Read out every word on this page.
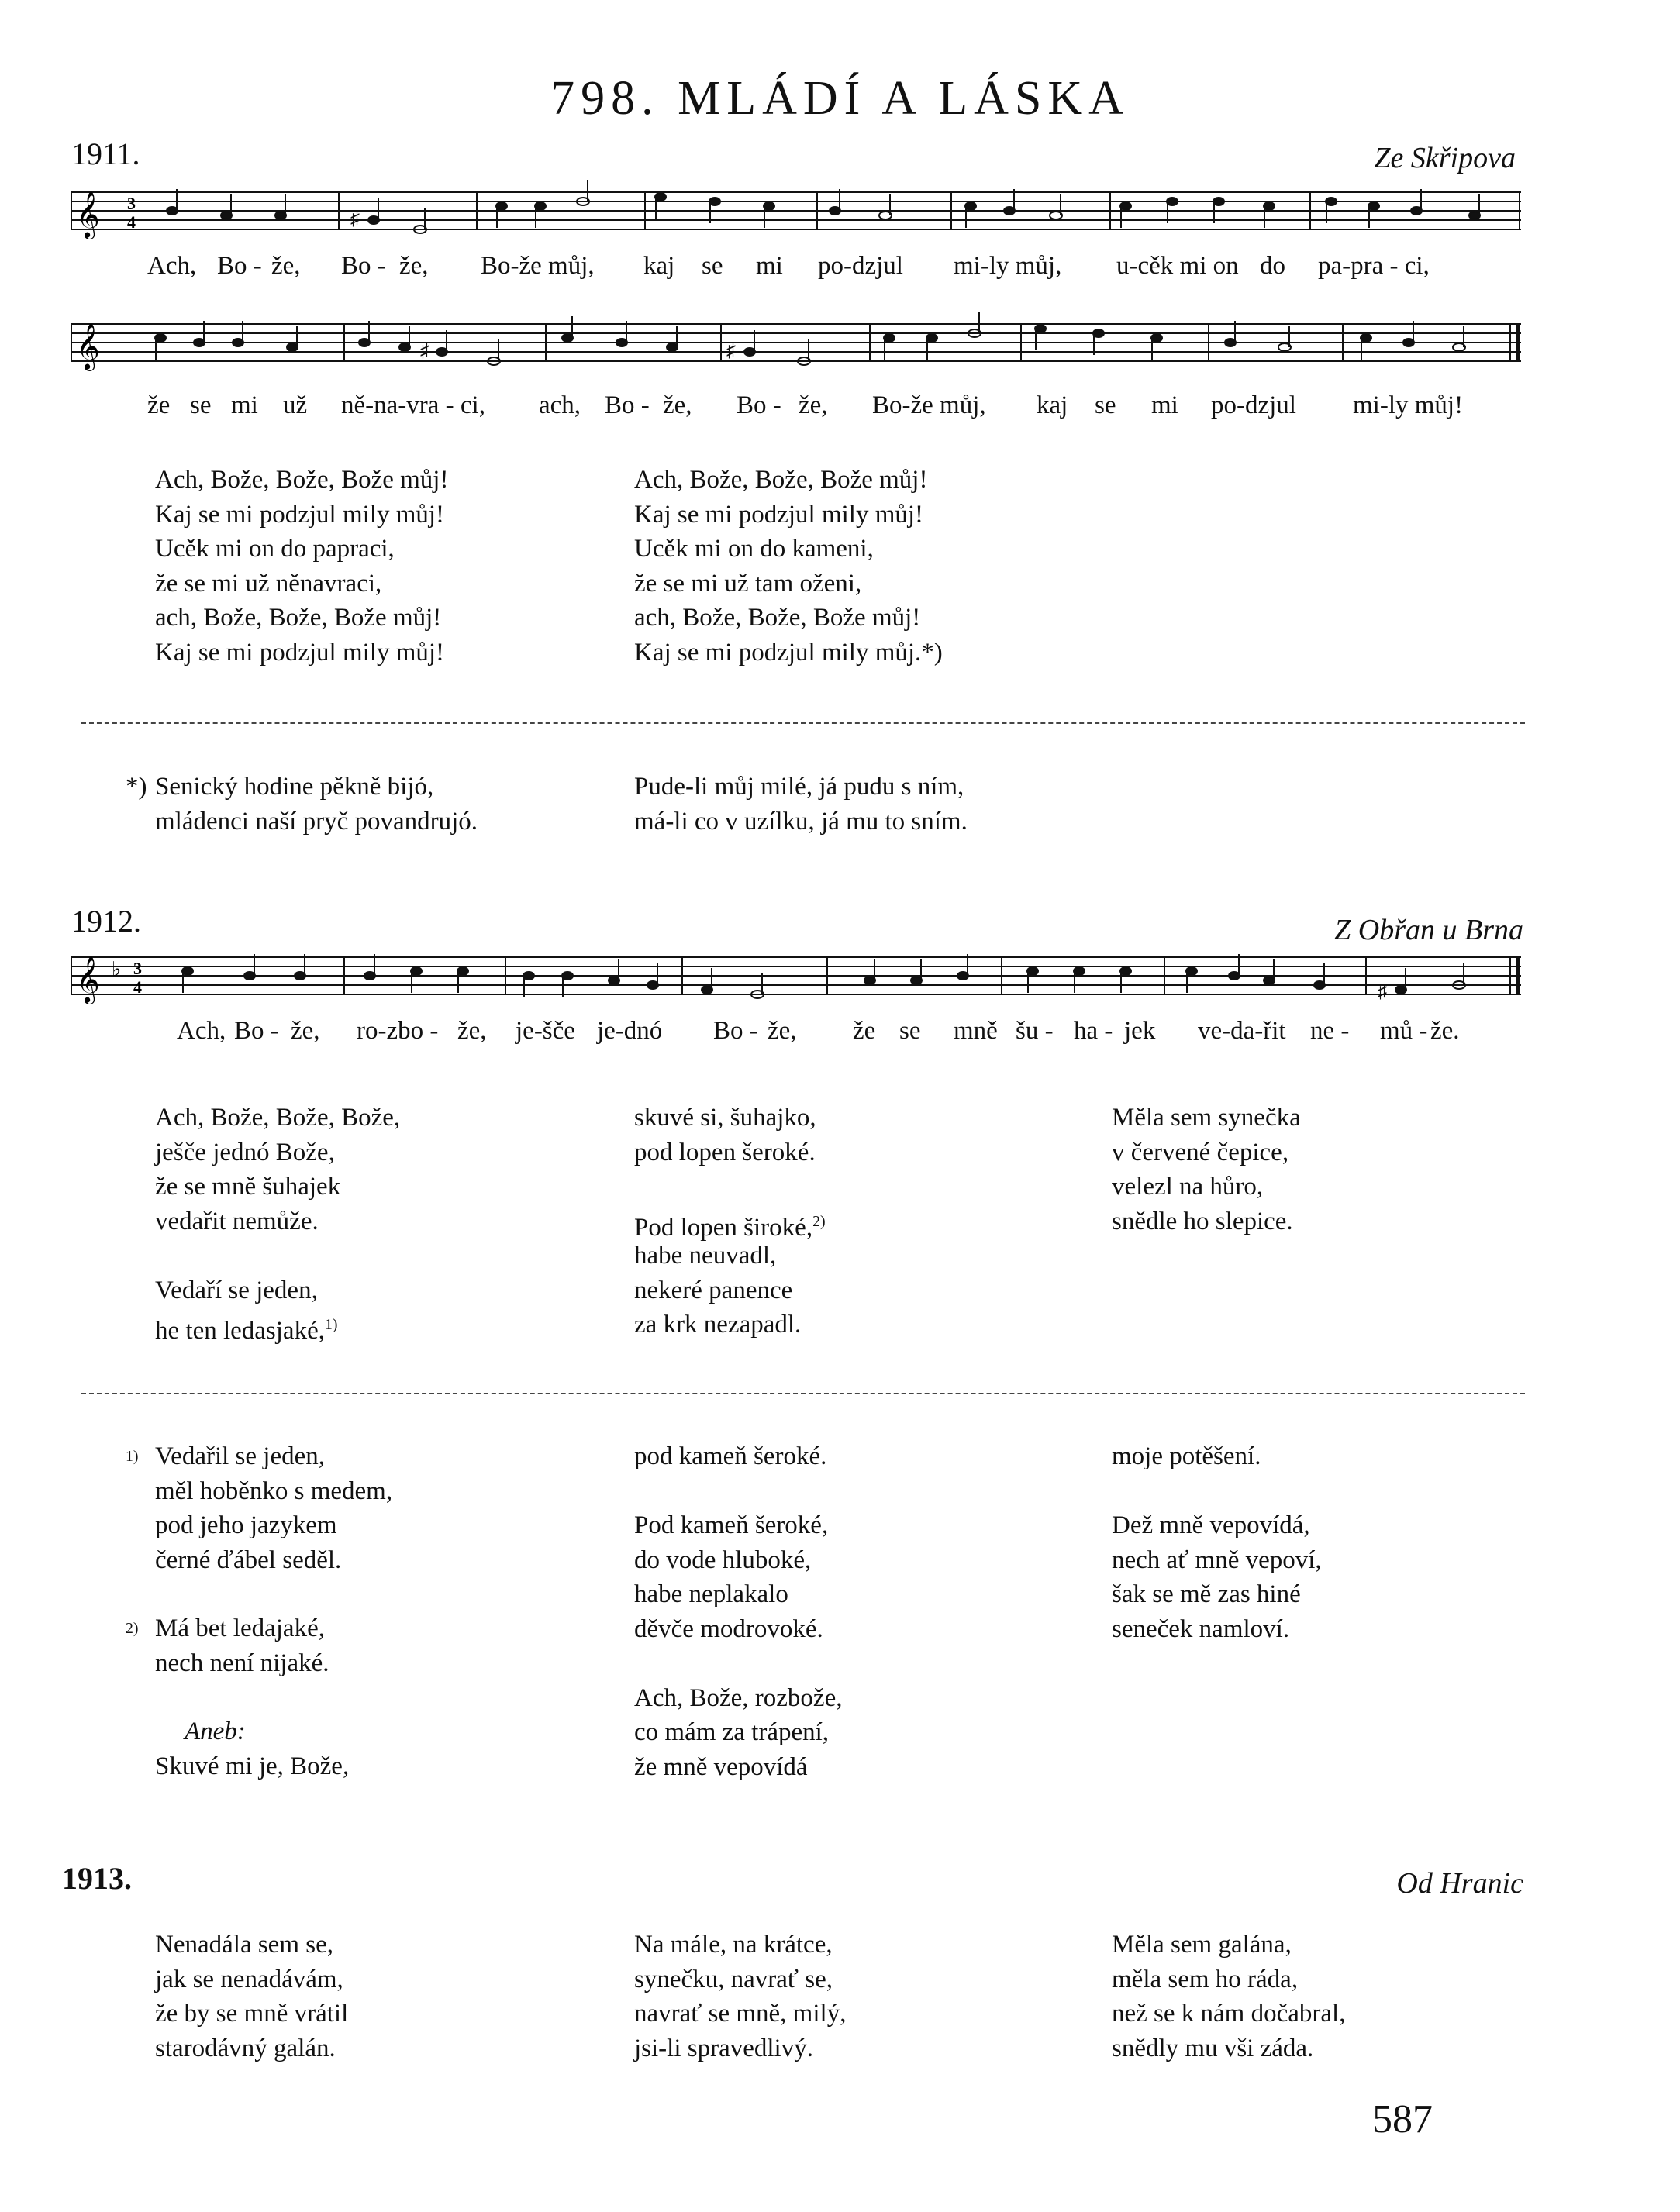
798. MLÁDÍ A LÁSKA
1911.	Ze Skřipova
𝄞 3
4	♯
Ach, Bo - že, Bo - že, Bo-že můj, kaj se mi po-dzjul mi-ly můj, u-cěk mi on do pa-pra - ci,
𝄞	♯	♯
že se mi už ně-na-vra - ci, ach, Bo - že, Bo - že, Bo-že můj, kaj se mi po-dzjul mi-ly můj!
Ach, Bože, Bože, Bože můj!
Kaj se mi podzjul mily můj!
Ucěk mi on do papraci,
že se mi už něnavraci,
ach, Bože, Bože, Bože můj!
Kaj se mi podzjul mily můj!
Ach, Bože, Bože, Bože můj!
Kaj se mi podzjul mily můj!
Ucěk mi on do kameni,
že se mi už tam oženi,
ach, Bože, Bože, Bože můj!
Kaj se mi podzjul mily můj.*)
*) Senický hodine pěkně bijó,
mládenci naší pryč povandrujó.
Pude-li můj milé, já pudu s ním,
má-li co v uzílku, já mu to sním.
1912.	Z Obřan u Brna
𝄞 ♭ 3
4	♯
Ach, Bo - že, ro-zbo - že, je-šče je-dnó Bo - že, že se mně šu - ha - jek ve-da-řit ne - mů - že.
Ach, Bože, Bože, Bože,
ješče jednó Bože,
že se mně šuhajek
vedařit nemůže.
Vedaří se jeden,
he ten ledasjaké,$^{1)}$
skuvé si, šuhajko,
pod lopen šeroké.
Pod lopen široké,$^{2)}$
habe neuvadl,
nekeré panence
za krk nezapadl.
Měla sem synečka
v červené čepice,
velezl na hůro,
snědle ho slepice.
$^{1)}$ Vedařil se jeden,
měl hoběnko s medem,
pod jeho jazykem
černé ďábel seděl.
$^{2)}$ Má bet ledajaké,
nech není nijaké.
Aneb:
Skuvé mi je, Bože,
pod kameň šeroké.
Pod kameň šeroké,
do vode hluboké,
habe neplakalo
děvče modrovoké.
Ach, Bože, rozbože,
co mám za trápení,
že mně vepovídá
moje potěšení.
Dež mně vepovídá,
nech ať mně vepoví,
šak se mě zas hiné
seneček namloví.
1913.	Od Hranic
Nenadála sem se,
jak se nenadávám,
že by se mně vrátil
starodávný galán.
Na mále, na krátce,
synečku, navrať se,
navrať se mně, milý,
jsi-li spravedlivý.
Měla sem galána,
měla sem ho ráda,
než se k nám dočabral,
snědly mu vši záda.
587
